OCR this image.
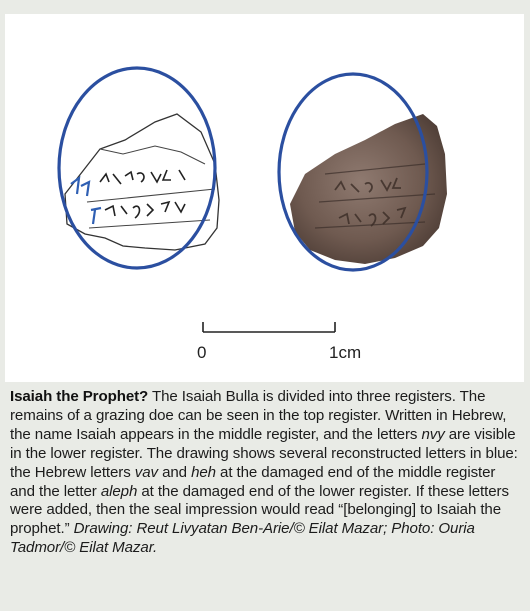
0	1cm
Isaiah the Prophet? The Isaiah Bulla is divided into three registers. The remains of a grazing doe can be seen in the top register. Written in Hebrew, the name Isaiah appears in the middle register, and the letters nvy are visible in the lower register. The drawing shows several reconstructed letters in blue: the Hebrew letters vav and heh at the damaged end of the middle register and the letter aleph at the damaged end of the lower register. If these letters were added, then the seal impression would read “[belonging] to Isaiah the prophet.” Drawing: Reut Livyatan Ben-Arie/© Eilat Mazar; Photo: Ouria Tadmor/© Eilat Mazar.
